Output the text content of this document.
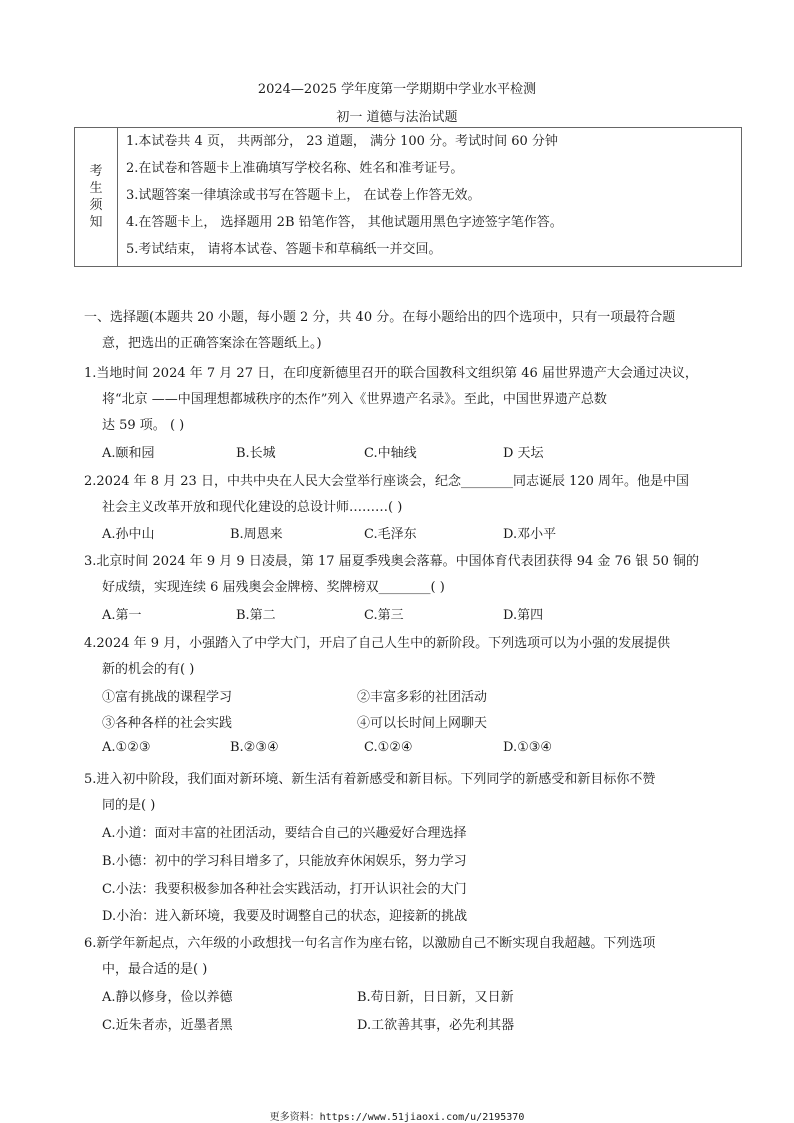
2024—2025 学年度第一学期期中学业水平检测
初一 道德与法治试题
考
生
须
知

1.本试卷共 4 页， 共两部分， 23 道题， 满分 100 分。考试时间 60 分钟
2.在试卷和答题卡上准确填写学校名称、姓名和准考证号。
3.试题答案一律填涂或书写在答题卡上， 在试卷上作答无效。
4.在答题卡上， 选择题用 2B 铅笔作答， 其他试题用黑色字迹签字笔作答。
5.考试结束， 请将本试卷、答题卡和草稿纸一并交回。
一、选择题(本题共 20 小题，每小题 2 分，共 40 分。在每小题给出的四个选项中，只有一项最符合题
意，把选出的正确答案涂在答题纸上。)
1.当地时间 2024 年 7 月 27 日，在印度新德里召开的联合国教科文组织第 46 届世界遗产大会通过决议，
将“北京 ——中国理想都城秩序的杰作”列入《世界遗产名录》。至此，中国世界遗产总数
达 59 项。 ( )
A.颐和园	B.长城	C.中轴线	D 天坛
2.2024 年 8 月 23 日，中共中央在人民大会堂举行座谈会，纪念________同志诞辰 120 周年。他是中国
社会主义改革开放和现代化建设的总设计师………( )
A.孙中山	B.周恩来	C.毛泽东	D.邓小平
3.北京时间 2024 年 9 月 9 日凌晨，第 17 届夏季残奥会落幕。中国体育代表团获得 94 金 76 银 50 铜的
好成绩，实现连续 6 届残奥会金牌榜、奖牌榜双________( )
A.第一	B.第二	C.第三	D.第四
4.2024 年 9 月，小强踏入了中学大门，开启了自己人生中的新阶段。下列选项可以为小强的发展提供
新的机会的有( )
①富有挑战的课程学习	②丰富多彩的社团活动
③各种各样的社会实践	④可以长时间上网聊天
A.①②③	B.②③④	C.①②④	D.①③④
5.进入初中阶段，我们面对新环境、新生活有着新感受和新目标。下列同学的新感受和新目标你不赞
同的是( )
A.小道：面对丰富的社团活动，要结合自己的兴趣爱好合理选择
B.小德：初中的学习科目增多了，只能放弃休闲娱乐，努力学习
C.小法：我要积极参加各种社会实践活动，打开认识社会的大门
D.小治：进入新环境，我要及时调整自己的状态，迎接新的挑战
6.新学年新起点，六年级的小政想找一句名言作为座右铭，以激励自己不断实现自我超越。下列选项
中，最合适的是( )
A.静以修身，俭以养德	B.苟日新，日日新，又日新
C.近朱者赤，近墨者黑	D.工欲善其事，必先利其器
更多资料：https://www.51jiaoxi.com/u/2195370
